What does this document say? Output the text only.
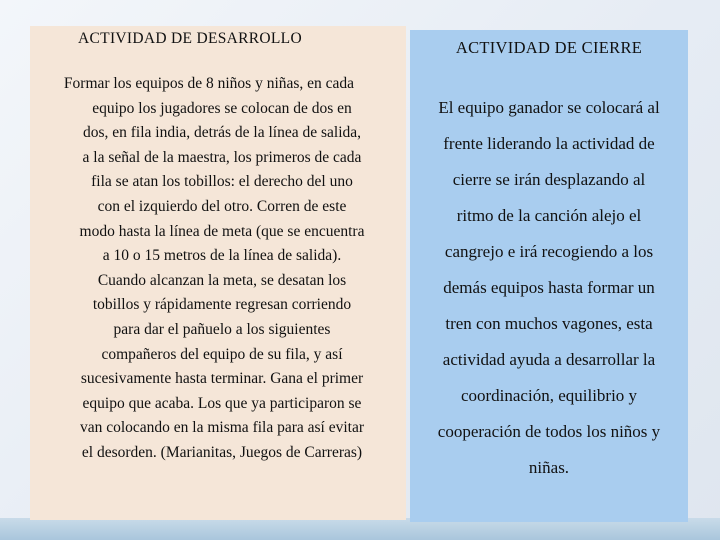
ACTIVIDAD DE DESARROLLO
Formar los equipos de 8 niños y niñas, en cada
equipo los jugadores se colocan de dos en
dos, en fila india, detrás de la línea de salida,
a la señal de la maestra, los primeros de cada
fila se atan los tobillos: el derecho del uno
con el izquierdo del otro. Corren de este
modo hasta la línea de meta (que se encuentra
a 10 o 15 metros de la línea de salida).
Cuando alcanzan la meta, se desatan los
tobillos y rápidamente regresan corriendo
para dar el pañuelo a los siguientes
compañeros del equipo de su fila, y así
sucesivamente hasta terminar. Gana el primer
equipo que acaba. Los que ya participaron se
van colocando en la misma fila para así evitar
el desorden. (Marianitas, Juegos de Carreras)
ACTIVIDAD DE CIERRE
El equipo ganador se colocará al
frente liderando la actividad de
cierre se irán desplazando al
ritmo de la canción alejo el
cangrejo e irá recogiendo a los
demás equipos hasta formar un
tren con muchos vagones, esta
actividad ayuda a desarrollar la
coordinación, equilibrio y
cooperación de todos los niños y
niñas.
